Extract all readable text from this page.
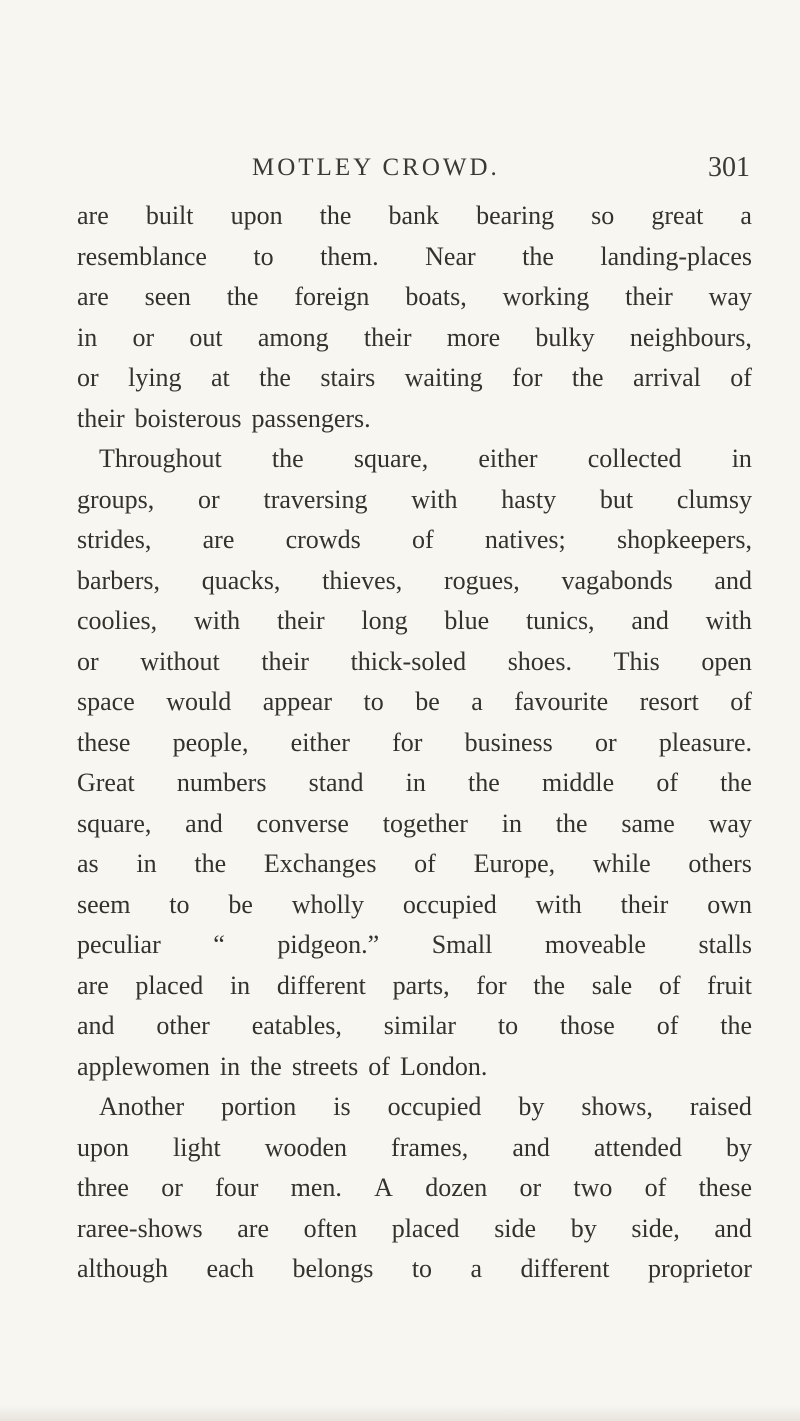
MOTLEY CROWD.	301
are built upon the bank bearing so great a
resemblance to them. Near the landing-places
are seen the foreign boats, working their way
in or out among their more bulky neighbours,
or lying at the stairs waiting for the arrival of
their boisterous passengers.
Throughout the square, either collected in
groups, or traversing with hasty but clumsy
strides, are crowds of natives; shopkeepers,
barbers, quacks, thieves, rogues, vagabonds and
coolies, with their long blue tunics, and with
or without their thick-soled shoes. This open
space would appear to be a favourite resort of
these people, either for business or pleasure.
Great numbers stand in the middle of the
square, and converse together in the same way
as in the Exchanges of Europe, while others
seem to be wholly occupied with their own
peculiar “ pidgeon.” Small moveable stalls
are placed in different parts, for the sale of fruit
and other eatables, similar to those of the
applewomen in the streets of London.
Another portion is occupied by shows, raised
upon light wooden frames, and attended by
three or four men. A dozen or two of these
raree-shows are often placed side by side, and
although each belongs to a different proprietor
